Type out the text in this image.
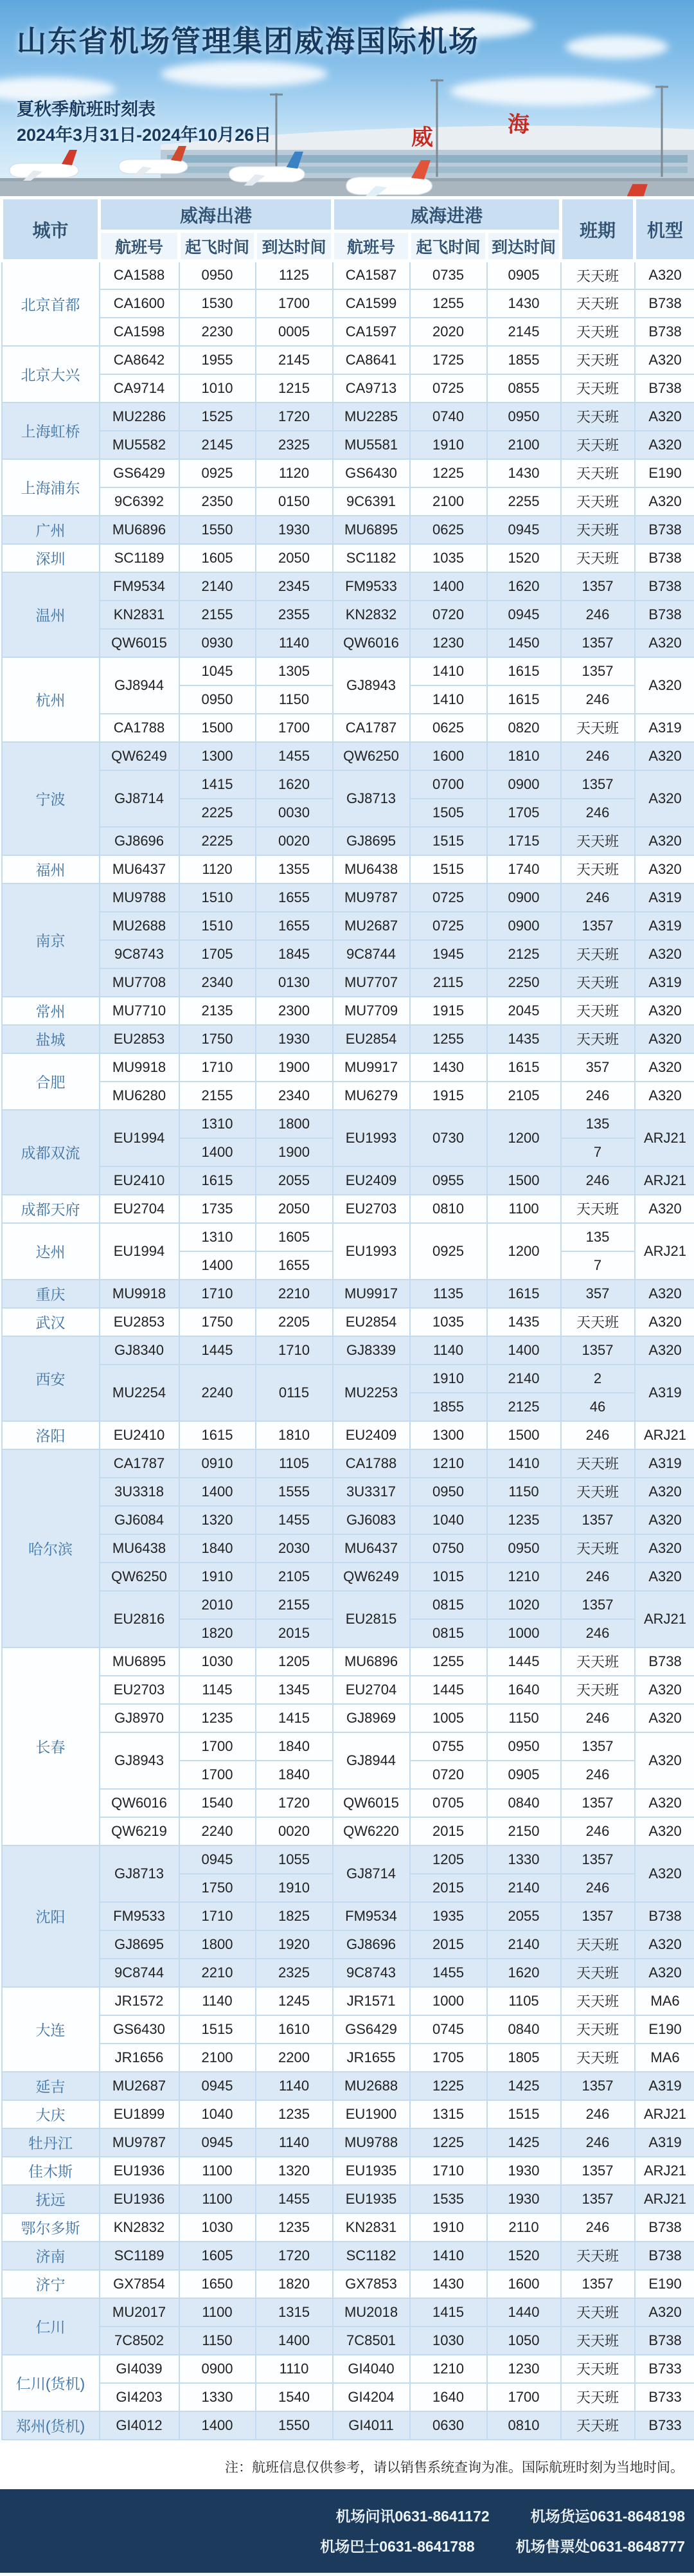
威
海
山东省机场管理集团威海国际机场
夏秋季航班时刻表
2024年3月31日-2024年10月26日
城市	威海出港			威海进港			班期	机型
	航班号	起飞时间	到达时间	航班号	起飞时间	到达时间		
北京首都	CA1588	0950	1125	CA1587	0735	0905	天天班	A320
	CA1600	1530	1700	CA1599	1255	1430	天天班	B738
	CA1598	2230	0005	CA1597	2020	2145	天天班	B738
北京大兴	CA8642	1955	2145	CA8641	1725	1855	天天班	A320
	CA9714	1010	1215	CA9713	0725	0855	天天班	B738
上海虹桥	MU2286	1525	1720	MU2285	0740	0950	天天班	A320
	MU5582	2145	2325	MU5581	1910	2100	天天班	A320
上海浦东	GS6429	0925	1120	GS6430	1225	1430	天天班	E190
	9C6392	2350	0150	9C6391	2100	2255	天天班	A320
广州	MU6896	1550	1930	MU6895	0625	0945	天天班	B738
深圳	SC1189	1605	2050	SC1182	1035	1520	天天班	B738
温州	FM9534	2140	2345	FM9533	1400	1620	1357	B738
	KN2831	2155	2355	KN2832	0720	0945	246	B738
	QW6015	0930	1140	QW6016	1230	1450	1357	A320
杭州	GJ8944	1045	1305	GJ8943	1410	1615	1357	A320
		0950	1150		1410	1615	246	
	CA1788	1500	1700	CA1787	0625	0820	天天班	A319
宁波	QW6249	1300	1455	QW6250	1600	1810	246	A320
	GJ8714	1415	1620	GJ8713	0700	0900	1357	A320
		2225	0030		1505	1705	246	
	GJ8696	2225	0020	GJ8695	1515	1715	天天班	A320
福州	MU6437	1120	1355	MU6438	1515	1740	天天班	A320
南京	MU9788	1510	1655	MU9787	0725	0900	246	A319
	MU2688	1510	1655	MU2687	0725	0900	1357	A319
	9C8743	1705	1845	9C8744	1945	2125	天天班	A320
	MU7708	2340	0130	MU7707	2115	2250	天天班	A319
常州	MU7710	2135	2300	MU7709	1915	2045	天天班	A320
盐城	EU2853	1750	1930	EU2854	1255	1435	天天班	A320
合肥	MU9918	1710	1900	MU9917	1430	1615	357	A320
	MU6280	2155	2340	MU6279	1915	2105	246	A320
成都双流	EU1994	1310	1800	EU1993	0730	1200	135	ARJ21
		1400	1900				7	
	EU2410	1615	2055	EU2409	0955	1500	246	ARJ21
成都天府	EU2704	1735	2050	EU2703	0810	1100	天天班	A320
达州	EU1994	1310	1605	EU1993	0925	1200	135	ARJ21
		1400	1655				7	
重庆	MU9918	1710	2210	MU9917	1135	1615	357	A320
武汉	EU2853	1750	2205	EU2854	1035	1435	天天班	A320
西安	GJ8340	1445	1710	GJ8339	1140	1400	1357	A320
	MU2254	2240	0115	MU2253	1910	2140	2	A319
					1855	2125	46	
洛阳	EU2410	1615	1810	EU2409	1300	1500	246	ARJ21
哈尔滨	CA1787	0910	1105	CA1788	1210	1410	天天班	A319
	3U3318	1400	1555	3U3317	0950	1150	天天班	A320
	GJ6084	1320	1455	GJ6083	1040	1235	1357	A320
	MU6438	1840	2030	MU6437	0750	0950	天天班	A320
	QW6250	1910	2105	QW6249	1015	1210	246	A320
	EU2816	2010	2155	EU2815	0815	1020	1357	ARJ21
		1820	2015		0815	1000	246	
长春	MU6895	1030	1205	MU6896	1255	1445	天天班	B738
	EU2703	1145	1345	EU2704	1445	1640	天天班	A320
	GJ8970	1235	1415	GJ8969	1005	1150	246	A320
	GJ8943	1700	1840	GJ8944	0755	0950	1357	A320
		1700	1840		0720	0905	246	
	QW6016	1540	1720	QW6015	0705	0840	1357	A320
	QW6219	2240	0020	QW6220	2015	2150	246	A320
沈阳	GJ8713	0945	1055	GJ8714	1205	1330	1357	A320
		1750	1910		2015	2140	246	
	FM9533	1710	1825	FM9534	1935	2055	1357	B738
	GJ8695	1800	1920	GJ8696	2015	2140	天天班	A320
	9C8744	2210	2325	9C8743	1455	1620	天天班	A320
大连	JR1572	1140	1245	JR1571	1000	1105	天天班	MA6
	GS6430	1515	1610	GS6429	0745	0840	天天班	E190
	JR1656	2100	2200	JR1655	1705	1805	天天班	MA6
延吉	MU2687	0945	1140	MU2688	1225	1425	1357	A319
大庆	EU1899	1040	1235	EU1900	1315	1515	246	ARJ21
牡丹江	MU9787	0945	1140	MU9788	1225	1425	246	A319
佳木斯	EU1936	1100	1320	EU1935	1710	1930	1357	ARJ21
抚远	EU1936	1100	1455	EU1935	1535	1930	1357	ARJ21
鄂尔多斯	KN2832	1030	1235	KN2831	1910	2110	246	B738
济南	SC1189	1605	1720	SC1182	1410	1520	天天班	B738
济宁	GX7854	1650	1820	GX7853	1430	1600	1357	E190
仁川	MU2017	1100	1315	MU2018	1415	1440	天天班	A320
	7C8502	1150	1400	7C8501	1030	1050	天天班	B738
仁川(货机)	GI4039	0900	1110	GI4040	1210	1230	天天班	B733
	GI4203	1330	1540	GI4204	1640	1700	天天班	B733
郑州(货机)	GI4012	1400	1550	GI4011	0630	0810	天天班	B733
注：航班信息仅供参考，请以销售系统查询为准。国际航班时刻为当地时间。
机场问讯0631-8641172	机场货运0631-8648198
机场巴士0631-8641788	机场售票处0631-8648777
